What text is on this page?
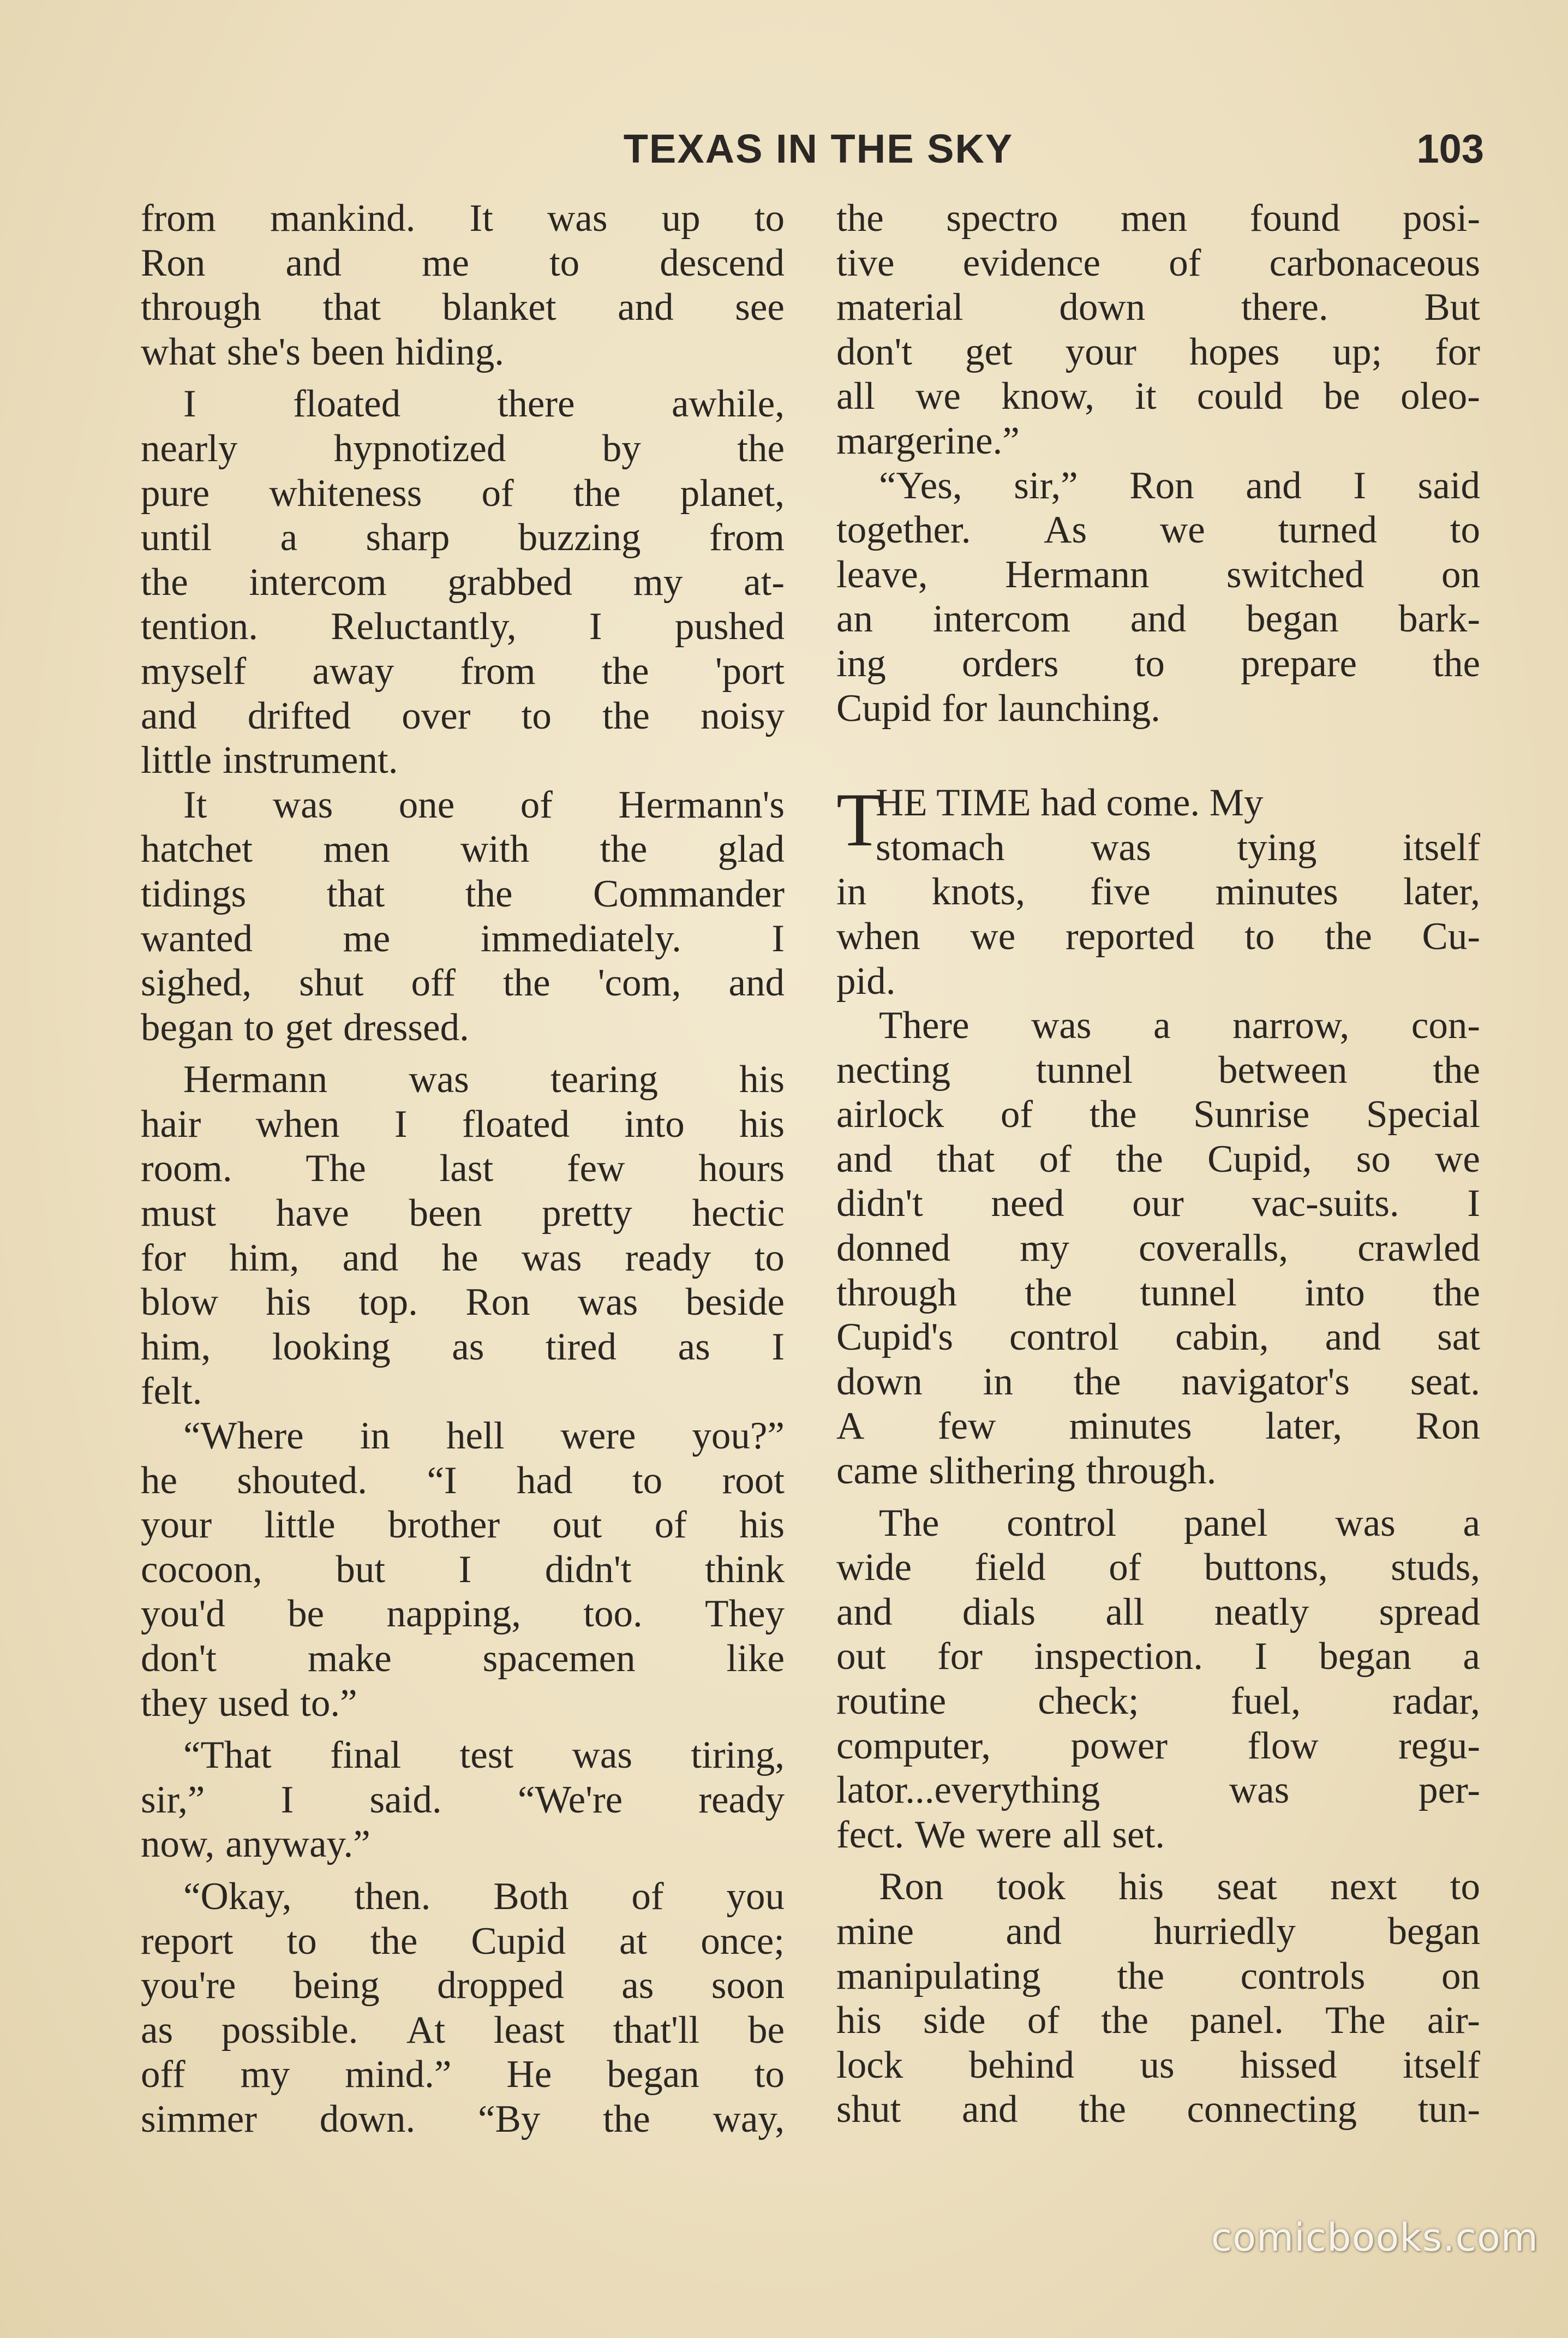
TEXAS IN THE SKY	103
from mankind. It was up to
Ron and me to descend
through that blanket and see
what she's been hiding.
I floated there awhile,
nearly hypnotized by the
pure whiteness of the planet,
until a sharp buzzing from
the intercom grabbed my at-
tention. Reluctantly, I pushed
myself away from the 'port
and drifted over to the noisy
little instrument.
It was one of Hermann's
hatchet men with the glad
tidings that the Commander
wanted me immediately. I
sighed, shut off the 'com, and
began to get dressed.
Hermann was tearing his
hair when I floated into his
room. The last few hours
must have been pretty hectic
for him, and he was ready to
blow his top. Ron was beside
him, looking as tired as I
felt.
“Where in hell were you?”
he shouted. “I had to root
your little brother out of his
cocoon, but I didn't think
you'd be napping, too. They
don't make spacemen like
they used to.”
“That final test was tiring,
sir,” I said. “We're ready
now, anyway.”
“Okay, then. Both of you
report to the Cupid at once;
you're being dropped as soon
as possible. At least that'll be
off my mind.” He began to
simmer down. “By the way,
the spectro men found posi-
tive evidence of carbonaceous
material down there. But
don't get your hopes up; for
all we know, it could be oleo-
margerine.”
“Yes, sir,” Ron and I said
together. As we turned to
leave, Hermann switched on
an intercom and began bark-
ing orders to prepare the
Cupid for launching.
T
HE TIME had come. My
stomach was tying itself
in knots, five minutes later,
when we reported to the Cu-
pid.
There was a narrow, con-
necting tunnel between the
airlock of the Sunrise Special
and that of the Cupid, so we
didn't need our vac-suits. I
donned my coveralls, crawled
through the tunnel into the
Cupid's control cabin, and sat
down in the navigator's seat.
A few minutes later, Ron
came slithering through.
The control panel was a
wide field of buttons, studs,
and dials all neatly spread
out for inspection. I began a
routine check; fuel, radar,
computer, power flow regu-
lator...everything	was	per-
fect. We were all set.
Ron took his seat next to
mine and hurriedly began
manipulating the controls on
his side of the panel. The air-
lock behind us hissed itself
shut and the connecting tun-
comicbooks.com
